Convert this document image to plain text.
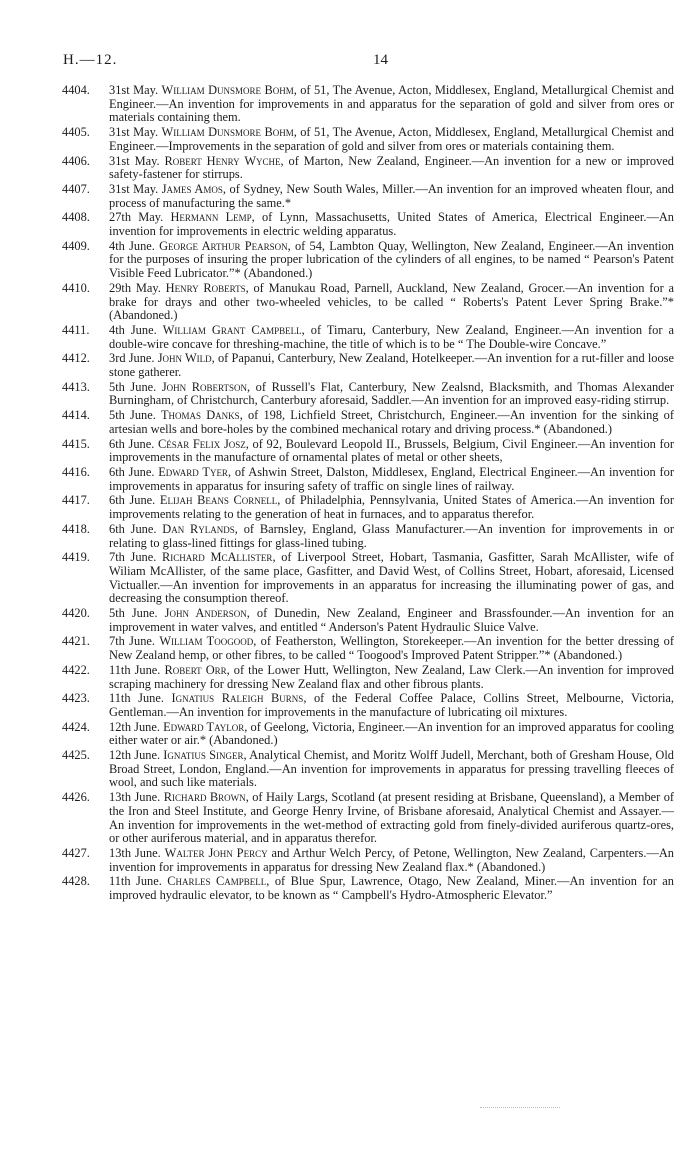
H.—12.	14
4404. 31st May. William Dunsmore Bohm, of 51, The Avenue, Acton, Middlesex, England, Metallurgical Chemist and Engineer.—An invention for improvements in and apparatus for the separation of gold and silver from ores or materials containing them.
4405. 31st May. William Dunsmore Bohm, of 51, The Avenue, Acton, Middlesex, England, Metallurgical Chemist and Engineer.—Improvements in the separation of gold and silver from ores or materials containing them.
4406. 31st May. Robert Henry Wyche, of Marton, New Zealand, Engineer.—An invention for a new or improved safety-fastener for stirrups.
4407. 31st May. James Amos, of Sydney, New South Wales, Miller.—An invention for an improved wheaten flour, and process of manufacturing the same.*
4408. 27th May. Hermann Lemp, of Lynn, Massachusetts, United States of America, Electrical Engineer.—An invention for improvements in electric welding apparatus.
4409. 4th June. George Arthur Pearson, of 54, Lambton Quay, Wellington, New Zealand, Engineer.—An invention for the purposes of insuring the proper lubrication of the cylinders of all engines, to be named “ Pearson's Patent Visible Feed Lubricator.”* (Abandoned.)
4410. 29th May. Henry Roberts, of Manukau Road, Parnell, Auckland, New Zealand, Grocer.—An invention for a brake for drays and other two-wheeled vehicles, to be called “ Roberts's Patent Lever Spring Brake.”* (Abandoned.)
4411. 4th June. William Grant Campbell, of Timaru, Canterbury, New Zealand, Engineer.—An invention for a double-wire concave for threshing-machine, the title of which is to be “ The Double-wire Concave.”
4412. 3rd June. John Wild, of Papanui, Canterbury, New Zealand, Hotelkeeper.—An invention for a rut-filler and loose stone gatherer.
4413. 5th June. John Robertson, of Russell's Flat, Canterbury, New Zealsnd, Blacksmith, and Thomas Alexander Burningham, of Christchurch, Canterbury aforesaid, Saddler.—An invention for an improved easy-riding stirrup.
4414. 5th June. Thomas Danks, of 198, Lichfield Street, Christchurch, Engineer.—An invention for the sinking of artesian wells and bore-holes by the combined mechanical rotary and driving process.* (Abandoned.)
4415. 6th June. César Felix Josz, of 92, Boulevard Leopold II., Brussels, Belgium, Civil Engineer.—An invention for improvements in the manufacture of ornamental plates of metal or other sheets,
4416. 6th June. Edward Tyer, of Ashwin Street, Dalston, Middlesex, England, Electrical Engineer.—An invention for improvements in apparatus for insuring safety of traffic on single lines of railway.
4417. 6th June. Elijah Beans Cornell, of Philadelphia, Pennsylvania, United States of America.—An invention for improvements relating to the generation of heat in furnaces, and to apparatus therefor.
4418. 6th June. Dan Rylands, of Barnsley, England, Glass Manufacturer.—An invention for improvements in or relating to glass-lined fittings for glass-lined tubing.
4419. 7th June. Richard McAllister, of Liverpool Street, Hobart, Tasmania, Gasfitter, Sarah McAllister, wife of Wiliam McAllister, of the same place, Gasfitter, and David West, of Collins Street, Hobart, aforesaid, Licensed Victualler.—An invention for improvements in an apparatus for increasing the illuminating power of gas, and decreasing the consumption thereof.
4420. 5th June. John Anderson, of Dunedin, New Zealand, Engineer and Brassfounder.—An invention for an improvement in water valves, and entitled “ Anderson's Patent Hydraulic Sluice Valve.
4421. 7th June. William Toogood, of Featherston, Wellington, Storekeeper.—An invention for the better dressing of New Zealand hemp, or other fibres, to be called “ Toogood's Improved Patent Stripper.”* (Abandoned.)
4422. 11th June. Robert Orr, of the Lower Hutt, Wellington, New Zealand, Law Clerk.—An invention for improved scraping machinery for dressing New Zealand flax and other fibrous plants.
4423. 11th June. Ignatius Raleigh Burns, of the Federal Coffee Palace, Collins Street, Melbourne, Victoria, Gentleman.—An invention for improvements in the manufacture of lubricating oil mixtures.
4424. 12th June. Edward Taylor, of Geelong, Victoria, Engineer.—An invention for an improved apparatus for cooling either water or air.* (Abandoned.)
4425. 12th June. Ignatius Singer, Analytical Chemist, and Moritz Wolff Judell, Merchant, both of Gresham House, Old Broad Street, London, England.—An invention for improvements in apparatus for pressing travelling fleeces of wool, and such like materials.
4426. 13th June. Richard Brown, of Haily Largs, Scotland (at present residing at Brisbane, Queensland), a Member of the Iron and Steel Institute, and George Henry Irvine, of Brisbane aforesaid, Analytical Chemist and Assayer.—An invention for improvements in the wet-method of extracting gold from finely-divided auriferous quartz-ores, or other auriferous material, and in apparatus therefor.
4427. 13th June. Walter John Percy and Arthur Welch Percy, of Petone, Wellington, New Zealand, Carpenters.—An invention for improvements in apparatus for dressing New Zealand flax.* (Abandoned.)
4428. 11th June. Charles Campbell, of Blue Spur, Lawrence, Otago, New Zealand, Miner.—An invention for an improved hydraulic elevator, to be known as “ Campbell's Hydro-Atmospheric Elevator.”
